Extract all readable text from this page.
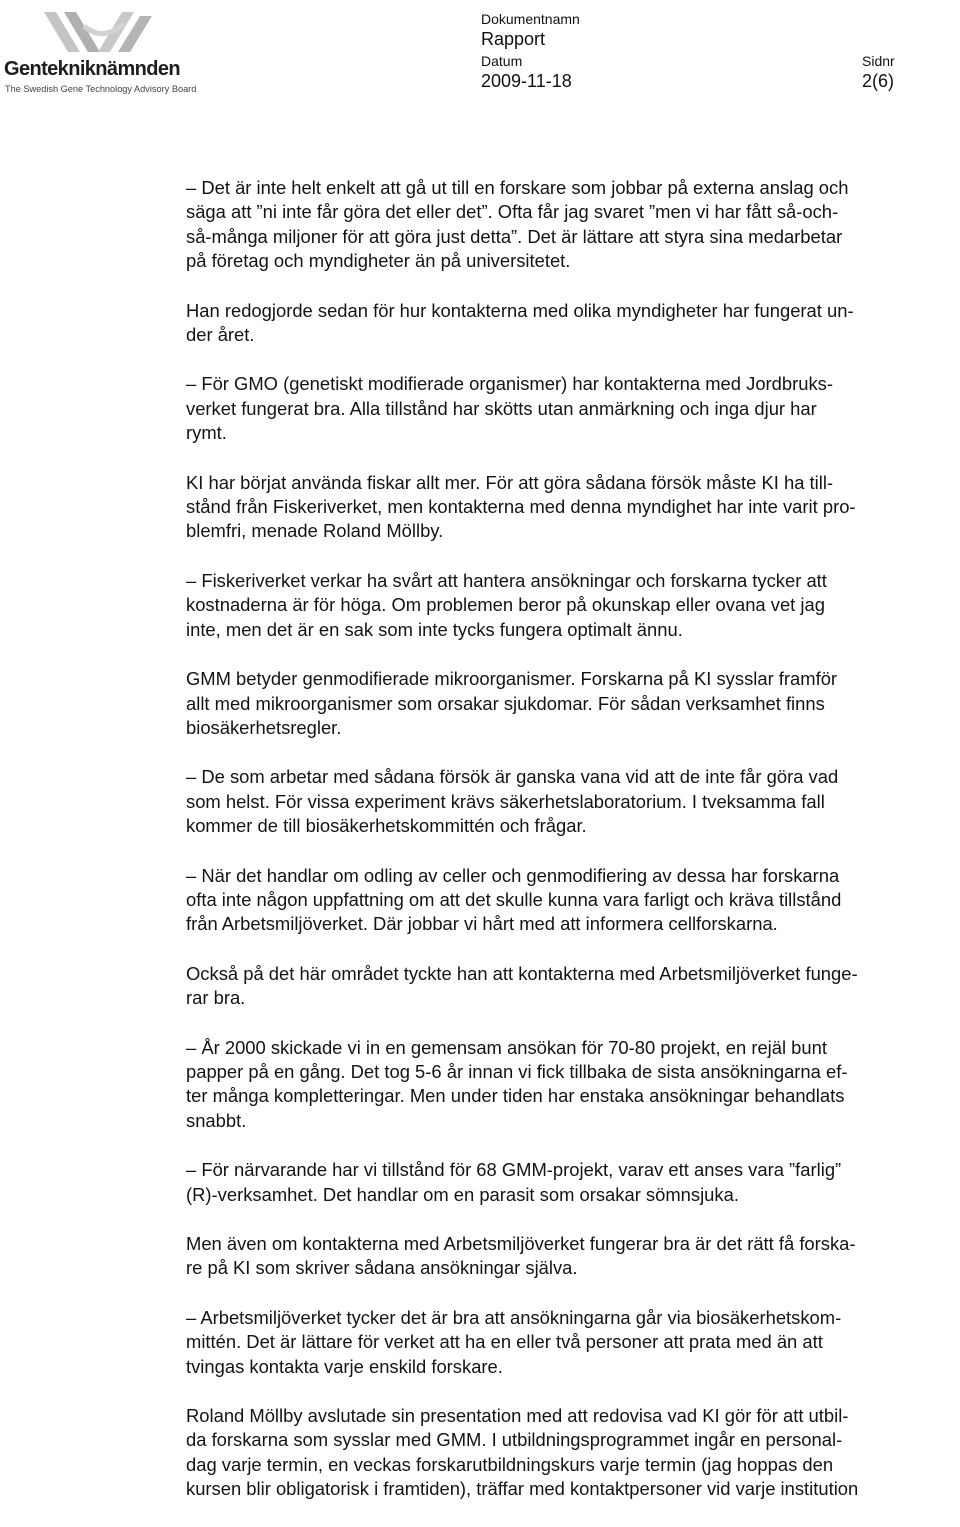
Gentekniknämnden
The Swedish Gene Technology Advisory Board
Dokumentnamn
Rapport
Datum
2009-11-18
Sidnr
2(6)

– Det är inte helt enkelt att gå ut till en forskare som jobbar på externa anslag och
säga att ”ni inte får göra det eller det”. Ofta får jag svaret ”men vi har fått så-och-
så-många miljoner för att göra just detta”. Det är lättare att styra sina medarbetar
på företag och myndigheter än på universitetet.

Han redogjorde sedan för hur kontakterna med olika myndigheter har fungerat un-
der året.

– För GMO (genetiskt modifierade organismer) har kontakterna med Jordbruks-
verket fungerat bra. Alla tillstånd har skötts utan anmärkning och inga djur har
rymt.

KI har börjat använda fiskar allt mer. För att göra sådana försök måste KI ha till-
stånd från Fiskeriverket, men kontakterna med denna myndighet har inte varit pro-
blemfri, menade Roland Möllby.

– Fiskeriverket verkar ha svårt att hantera ansökningar och forskarna tycker att
kostnaderna är för höga. Om problemen beror på okunskap eller ovana vet jag
inte, men det är en sak som inte tycks fungera optimalt ännu.

GMM betyder genmodifierade mikroorganismer. Forskarna på KI sysslar framför
allt med mikroorganismer som orsakar sjukdomar. För sådan verksamhet finns
biosäkerhetsregler.

– De som arbetar med sådana försök är ganska vana vid att de inte får göra vad
som helst. För vissa experiment krävs säkerhetslaboratorium. I tveksamma fall
kommer de till biosäkerhetskommittén och frågar.

– När det handlar om odling av celler och genmodifiering av dessa har forskarna
ofta inte någon uppfattning om att det skulle kunna vara farligt och kräva tillstånd
från Arbetsmiljöverket. Där jobbar vi hårt med att informera cellforskarna.

Också på det här området tyckte han att kontakterna med Arbetsmiljöverket funge-
rar bra.

– År 2000 skickade vi in en gemensam ansökan för 70-80 projekt, en rejäl bunt
papper på en gång. Det tog 5-6 år innan vi fick tillbaka de sista ansökningarna ef-
ter många kompletteringar. Men under tiden har enstaka ansökningar behandlats
snabbt.

– För närvarande har vi tillstånd för 68 GMM-projekt, varav ett anses vara ”farlig”
(R)-verksamhet. Det handlar om en parasit som orsakar sömnsjuka.

Men även om kontakterna med Arbetsmiljöverket fungerar bra är det rätt få forska-
re på KI som skriver sådana ansökningar själva.

– Arbetsmiljöverket tycker det är bra att ansökningarna går via biosäkerhetskom-
mittén. Det är lättare för verket att ha en eller två personer att prata med än att
tvingas kontakta varje enskild forskare.

Roland Möllby avslutade sin presentation med att redovisa vad KI gör för att utbil-
da forskarna som sysslar med GMM. I utbildningsprogrammet ingår en personal-
dag varje termin, en veckas forskarutbildningskurs varje termin (jag hoppas den
kursen blir obligatorisk i framtiden), träffar med kontaktpersoner vid varje institution
